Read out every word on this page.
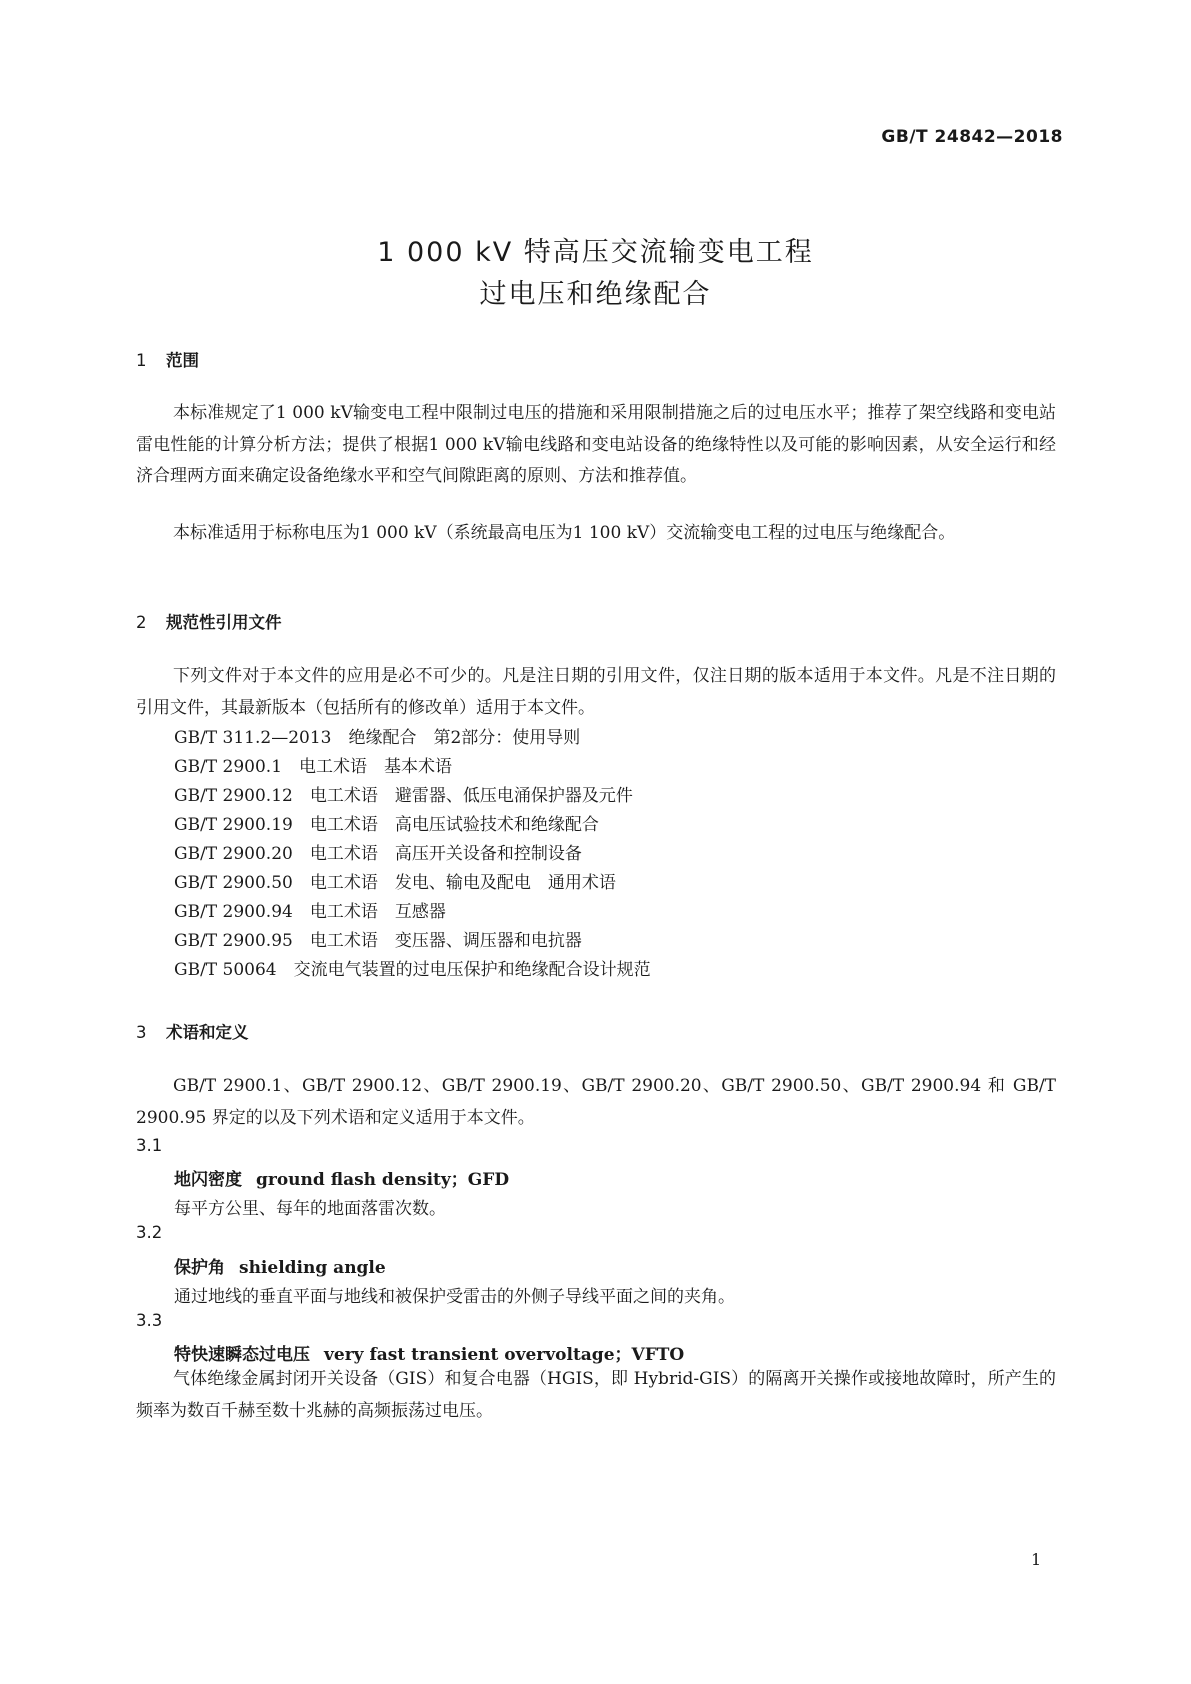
GB/T 24842—2018
1 000 kV 特高压交流输变电工程
过电压和绝缘配合
1 范围

本标准规定了1 000 kV输变电工程中限制过电压的措施和采用限制措施之后的过电压水平；推荐了架空线路和变电站雷电性能的计算分析方法；提供了根据1 000 kV输电线路和变电站设备的绝缘特性以及可能的影响因素，从安全运行和经济合理两方面来确定设备绝缘水平和空气间隙距离的原则、方法和推荐值。

本标准适用于标称电压为1 000 kV（系统最高电压为1 100 kV）交流输变电工程的过电压与绝缘配合。

2 规范性引用文件

下列文件对于本文件的应用是必不可少的。凡是注日期的引用文件，仅注日期的版本适用于本文件。凡是不注日期的引用文件，其最新版本（包括所有的修改单）适用于本文件。

GB/T 311.2—2013　绝缘配合　第2部分：使用导则
GB/T 2900.1　电工术语　基本术语
GB/T 2900.12　电工术语　避雷器、低压电涌保护器及元件
GB/T 2900.19　电工术语　高电压试验技术和绝缘配合
GB/T 2900.20　电工术语　高压开关设备和控制设备
GB/T 2900.50　电工术语　发电、输电及配电　通用术语
GB/T 2900.94　电工术语　互感器
GB/T 2900.95　电工术语　变压器、调压器和电抗器
GB/T 50064　交流电气装置的过电压保护和绝缘配合设计规范
3 术语和定义

GB/T 2900.1、GB/T 2900.12、GB/T 2900.19、GB/T 2900.20、GB/T 2900.50、GB/T 2900.94 和 GB/T 2900.95 界定的以及下列术语和定义适用于本文件。

3.1
地闪密度 ground flash density；GFD
每平方公里、每年的地面落雷次数。
3.2
保护角 shielding angle
通过地线的垂直平面与地线和被保护受雷击的外侧子导线平面之间的夹角。
3.3
特快速瞬态过电压 very fast transient overvoltage；VFTO

气体绝缘金属封闭开关设备（GIS）和复合电器（HGIS，即 Hybrid-GIS）的隔离开关操作或接地故障时，所产生的频率为数百千赫至数十兆赫的高频振荡过电压。

1
